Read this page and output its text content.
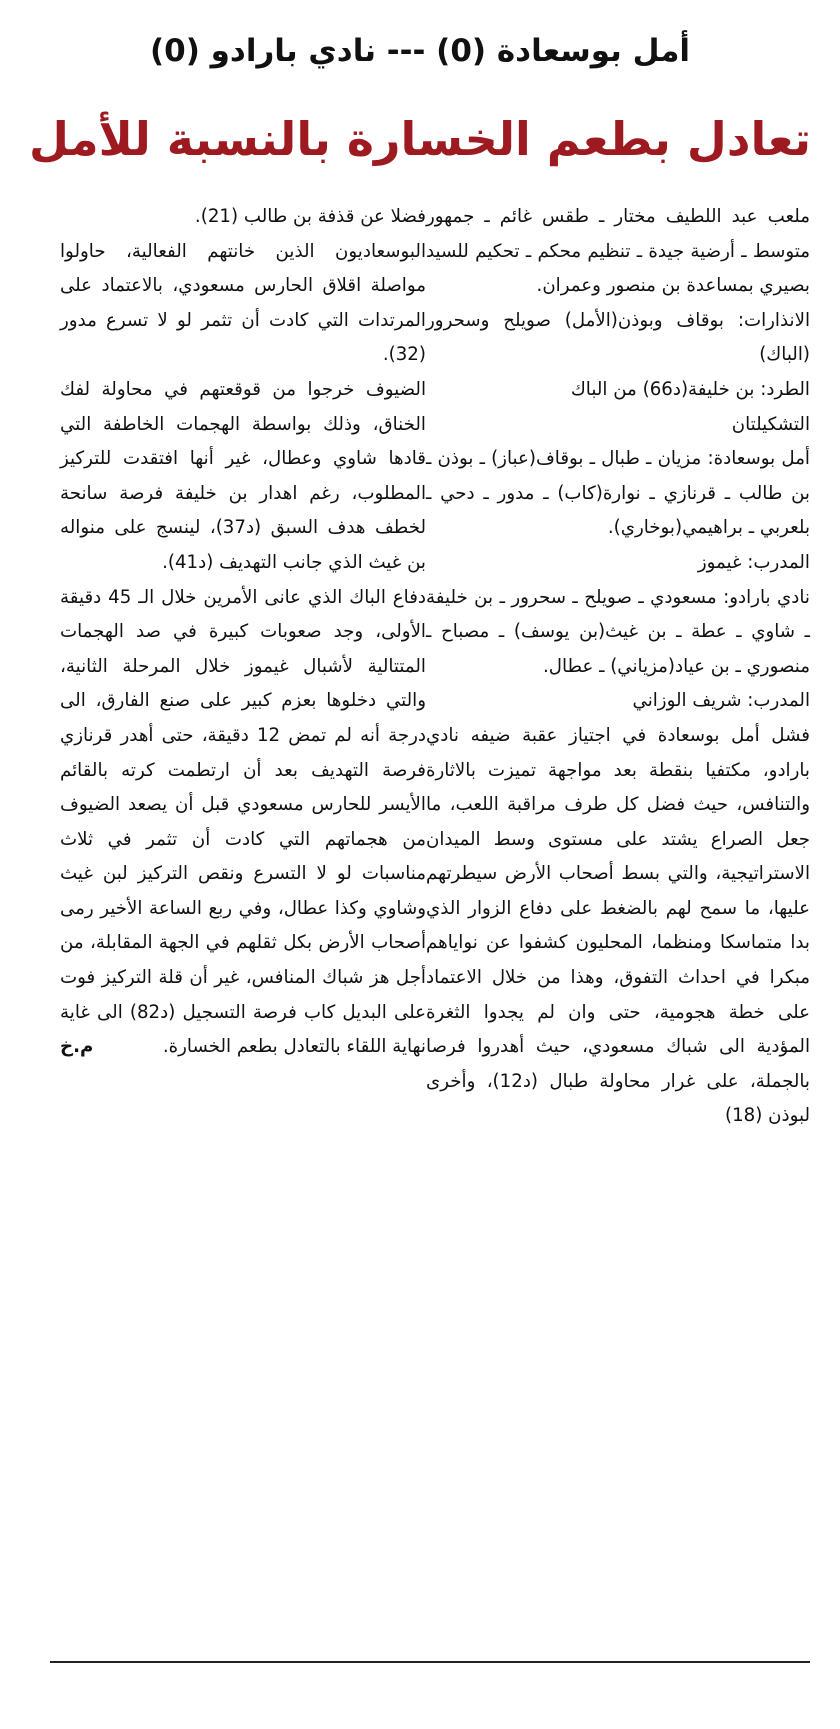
أمل بوسعادة (0) --- نادي بارادو (0)
تعادل بطعم الخسارة بالنسبة للأمل

ملعب عبد اللطيف مختار ـ طقس غائم ـ جمهور متوسط ـ أرضية جيدة ـ تنظيم محكم ـ تحكيم للسيد بصيري بمساعدة بن منصور وعمران.

الانذارات: بوقاف وبوذن(الأمل) صويلح وسحرور (الباك)

الطرد: بن خليفة(د66) من الباك

التشكيلتان

أمل بوسعادة: مزيان ـ طبال ـ بوقاف(عباز) ـ بوذن ـ بن طالب ـ قرنازي ـ نوارة(كاب) ـ مدور ـ دحي ـ بلعربي ـ براهيمي(بوخاري).

المدرب: غيموز

نادي بارادو: مسعودي ـ صويلح ـ سحرور ـ بن خليفة ـ شاوي ـ عطة ـ بن غيث(بن يوسف) ـ مصباح ـ منصوري ـ بن عياد(مزياني) ـ عطال.

المدرب: شريف الوزاني

فشل أمل بوسعادة في اجتياز عقبة ضيفه نادي بارادو، مكتفيا بنقطة بعد مواجهة تميزت بالاثارة والتنافس، حيث فضل كل طرف مراقبة اللعب، ما جعل الصراع يشتد على مستوى وسط الميدان الاستراتيجية، والتي بسط أصحاب الأرض سيطرتهم عليها، ما سمح لهم بالضغط على دفاع الزوار الذي بدا متماسكا ومنظما، المحليون كشفوا عن نواياهم مبكرا في احداث التفوق، وهذا من خلال الاعتماد على خطة هجومية، حتى وان لم يجدوا الثغرة المؤدية الى شباك مسعودي، حيث أهدروا فرصا بالجملة، على غرار محاولة طبال (د12)، وأخرى لبوذن (18)

فضلا عن قذفة بن طالب (21).

البوسعاديون الذين خانتهم الفعالية، حاولوا مواصلة اقلاق الحارس مسعودي، بالاعتماد على المرتدات التي كادت أن تثمر لو لا تسرع مدور (32).

الضيوف خرجوا من قوقعتهم في محاولة لفك الخناق، وذلك بواسطة الهجمات الخاطفة التي قادها شاوي وعطال، غير أنها افتقدت للتركيز المطلوب، رغم اهدار بن خليفة فرصة سانحة لخطف هدف السبق (د37)، لينسج على منواله بن غيث الذي جانب التهديف (د41).

دفاع الباك الذي عانى الأمرين خلال الـ 45 دقيقة الأولى، وجد صعوبات كبيرة في صد الهجمات المتتالية لأشبال غيموز خلال المرحلة الثانية، والتي دخلوها بعزم كبير على صنع الفارق، الى درجة أنه لم تمض 12 دقيقة، حتى أهدر قرنازي فرصة التهديف بعد أن ارتطمت كرته بالقائم الأيسر للحارس مسعودي قبل أن يصعد الضيوف من هجماتهم التي كادت أن تثمر في ثلاث مناسبات لو لا التسرع ونقص التركيز لبن غيث وشاوي وكذا عطال، وفي ربع الساعة الأخير رمى أصحاب الأرض بكل ثقلهم في الجهة المقابلة، من أجل هز شباك المنافس، غير أن قلة التركيز فوت على البديل كاب فرصة التسجيل (د82) الى غاية نهاية اللقاء بالتعادل بطعم الخسارة.
م.خ
